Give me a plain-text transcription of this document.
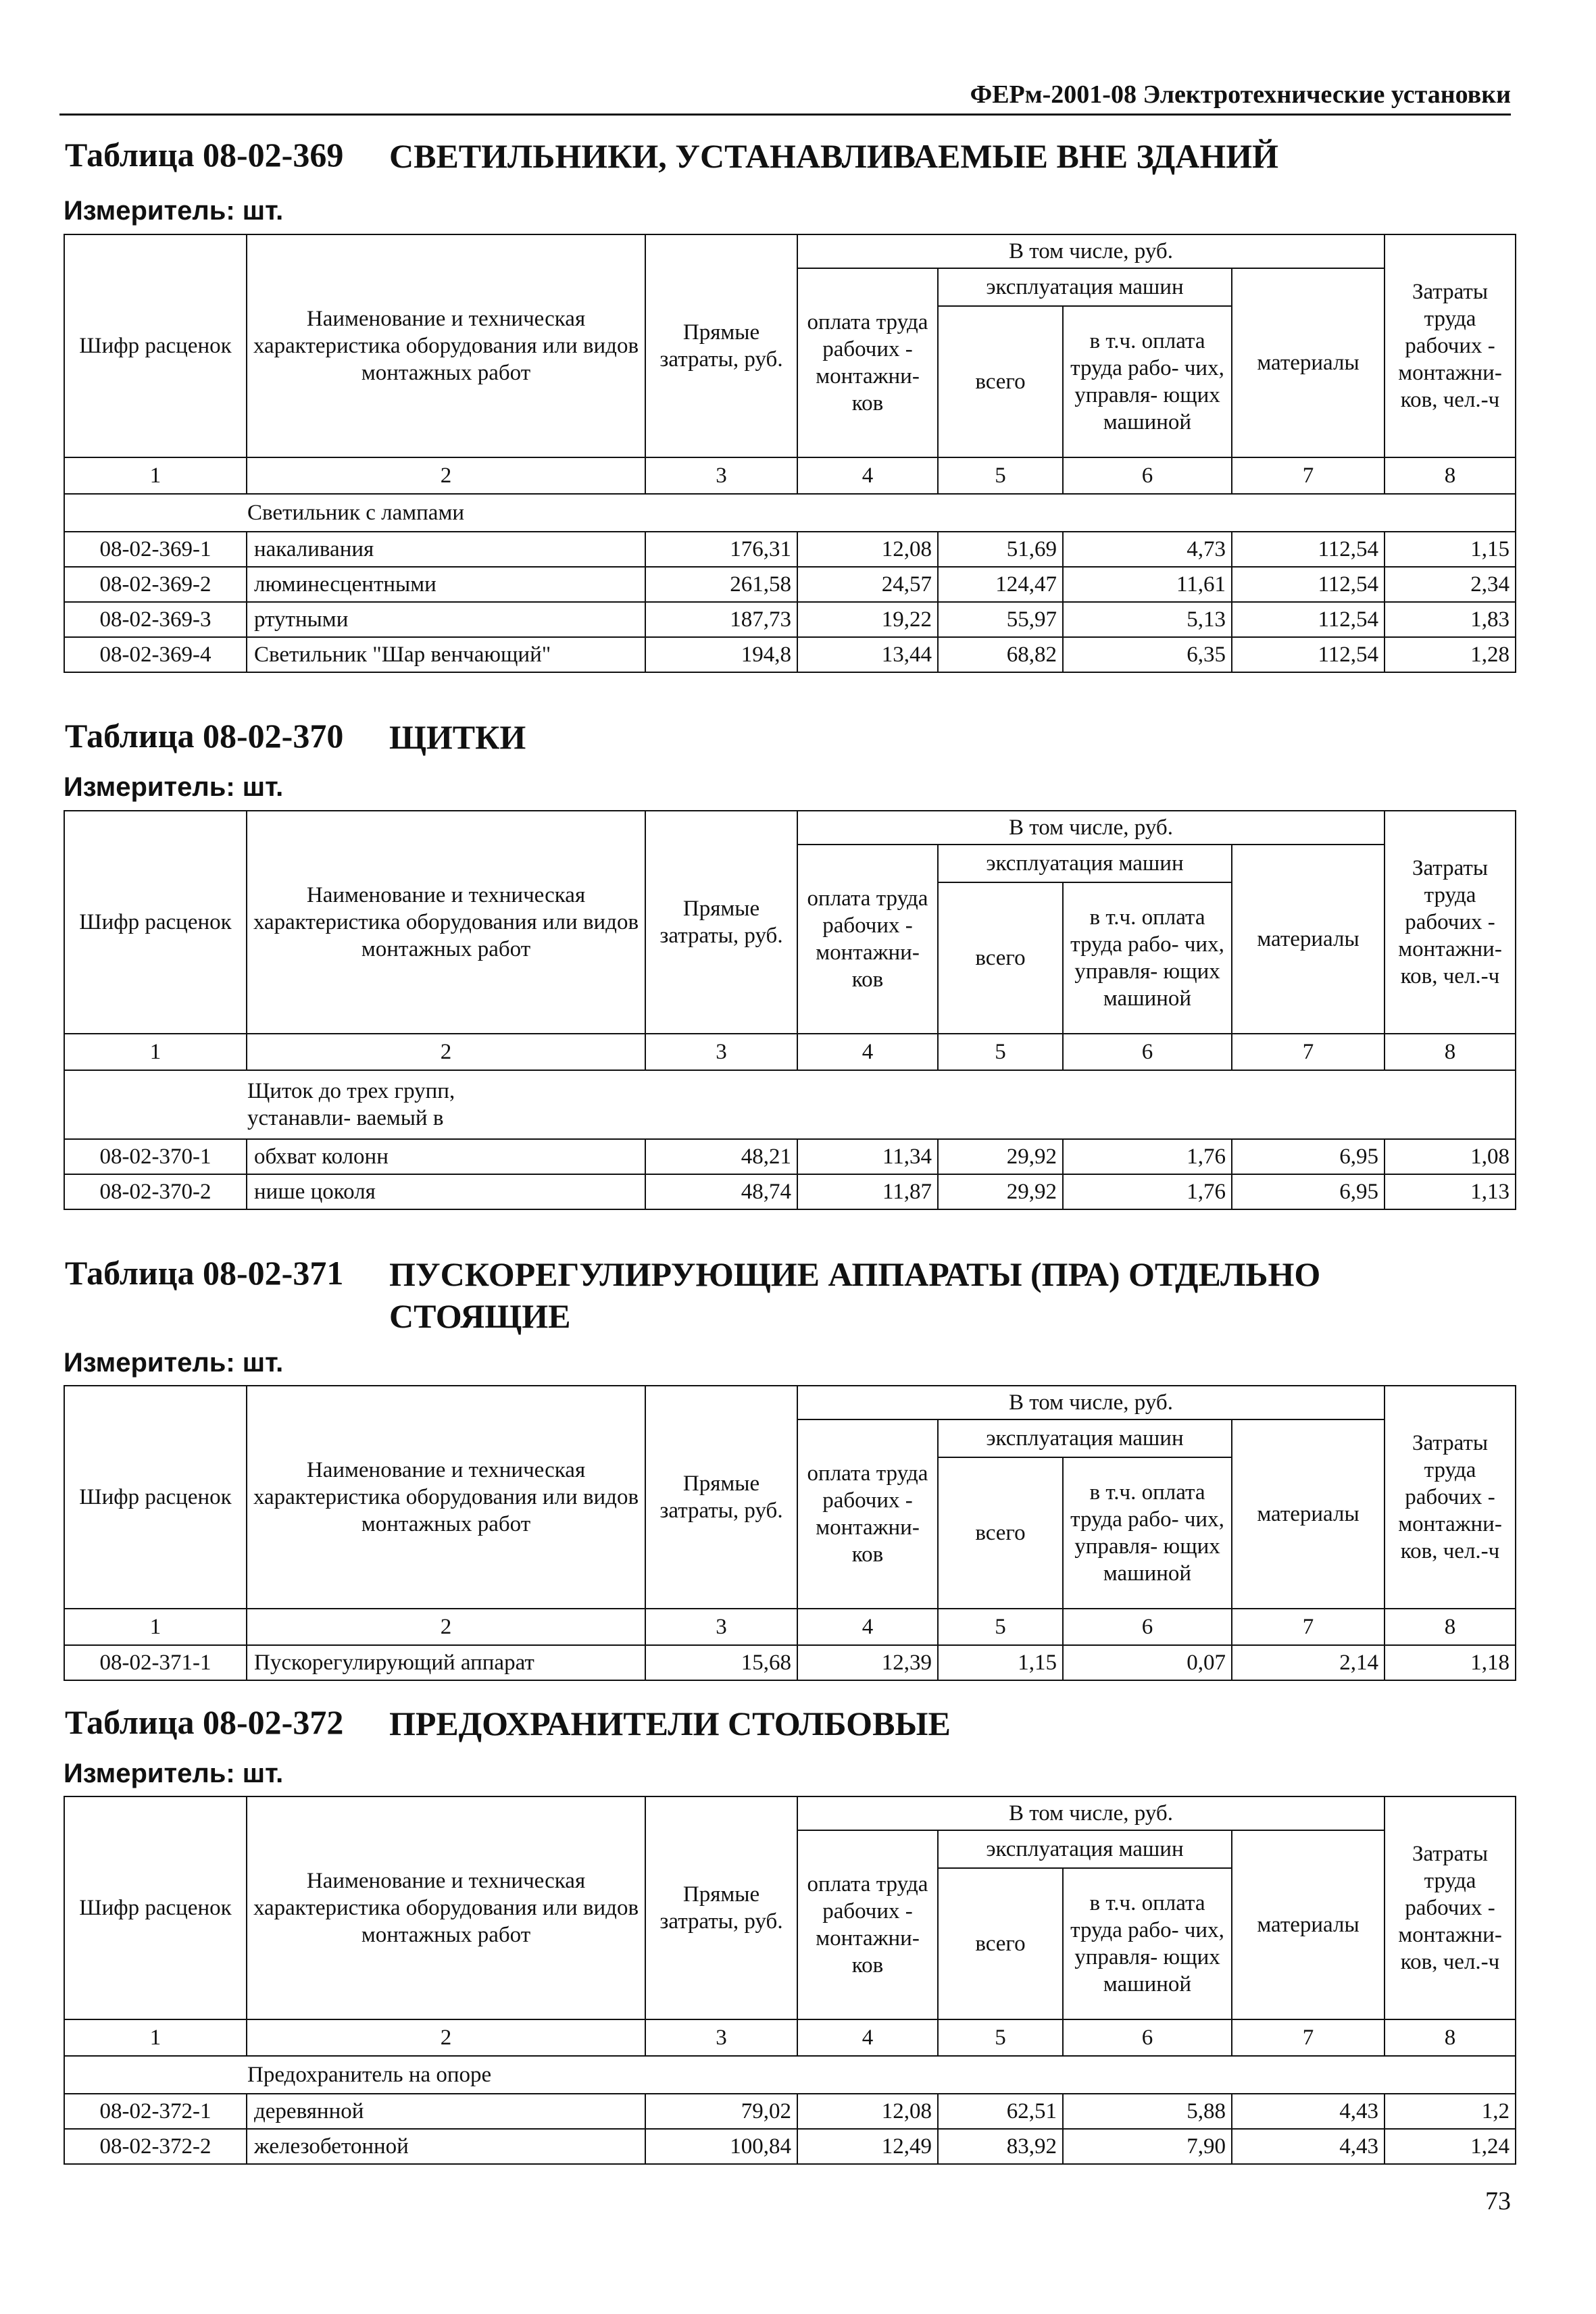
ФЕРм-2001-08 Электротехнические установки
Таблица 08-02-369	СВЕТИЛЬНИКИ, УСТАНАВЛИВАЕМЫЕ ВНЕ ЗДАНИЙ
Измеритель: шт.
Шифр расценок	Наименование и техническая характеристика оборудования или видов монтажных работ	Прямые затраты, руб.	В том числе, руб.				Затраты труда рабочих - монтажни- ков, чел.-ч
			оплата труда рабочих - монтажни- ков	эксплуатация машин		материалы	
				всего	в т.ч. оплата труда рабо- чих, управля- ющих машиной		
1	2	3	4	5	6	7	8
Светильник с лампами							
08-02-369-1	накаливания	176,31	12,08	51,69	4,73	112,54	1,15
08-02-369-2	люминесцентными	261,58	24,57	124,47	11,61	112,54	2,34
08-02-369-3	ртутными	187,73	19,22	55,97	5,13	112,54	1,83
08-02-369-4	Светильник "Шар венчающий"	194,8	13,44	68,82	6,35	112,54	1,28
Таблица 08-02-370	ЩИТКИ
Измеритель: шт.
Шифр расценок	Наименование и техническая характеристика оборудования или видов монтажных работ	Прямые затраты, руб.	В том числе, руб.				Затраты труда рабочих - монтажни- ков, чел.-ч
			оплата труда рабочих - монтажни- ков	эксплуатация машин		материалы	
				всего	в т.ч. оплата труда рабо- чих, управля- ющих машиной		
1	2	3	4	5	6	7	8
Щиток до трех групп, устанавли- ваемый в							
08-02-370-1	обхват колонн	48,21	11,34	29,92	1,76	6,95	1,08
08-02-370-2	нише цоколя	48,74	11,87	29,92	1,76	6,95	1,13
Таблица 08-02-371	ПУСКОРЕГУЛИРУЮЩИЕ АППАРАТЫ (ПРА) ОТДЕЛЬНО СТОЯЩИЕ
Измеритель: шт.
Шифр расценок	Наименование и техническая характеристика оборудования или видов монтажных работ	Прямые затраты, руб.	В том числе, руб.				Затраты труда рабочих - монтажни- ков, чел.-ч
			оплата труда рабочих - монтажни- ков	эксплуатация машин		материалы	
				всего	в т.ч. оплата труда рабо- чих, управля- ющих машиной		
1	2	3	4	5	6	7	8
08-02-371-1	Пускорегулирующий аппарат	15,68	12,39	1,15	0,07	2,14	1,18
Таблица 08-02-372	ПРЕДОХРАНИТЕЛИ СТОЛБОВЫЕ
Измеритель: шт.
Шифр расценок	Наименование и техническая характеристика оборудования или видов монтажных работ	Прямые затраты, руб.	В том числе, руб.				Затраты труда рабочих - монтажни- ков, чел.-ч
			оплата труда рабочих - монтажни- ков	эксплуатация машин		материалы	
				всего	в т.ч. оплата труда рабо- чих, управля- ющих машиной		
1	2	3	4	5	6	7	8
Предохранитель на опоре							
08-02-372-1	деревянной	79,02	12,08	62,51	5,88	4,43	1,2
08-02-372-2	железобетонной	100,84	12,49	83,92	7,90	4,43	1,24
73
